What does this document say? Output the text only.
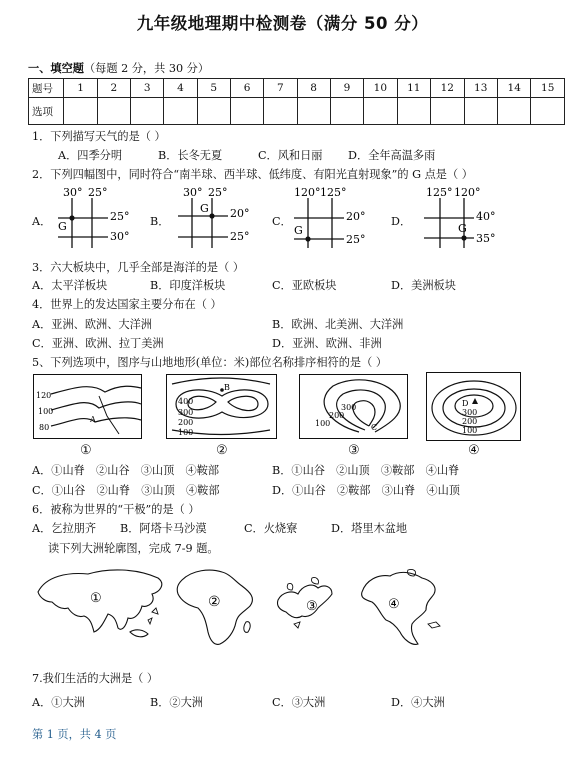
九年级地理期中检测卷（满分 50 分）
一、填空题（每题 2 分，共 30 分）
题号	1	2	3	4	5	6	7	8	9	10	11	12	13	14	15
选项															
1．下列描写天气的是（ ）
A．四季分明	B．长冬无夏	C．风和日丽 D．全年高温多雨
2．下列四幅图中，同时符合“南半球、西半球、低纬度、有阳光直射现象”的 G 点是（ ）
A．	B．	C．	D．
30° 25°
25°
30°
G
30° 25°
20°
25°
G
120° 125°
20°
25°
G
125° 120°
40°
35°
G
3．六大板块中，几乎全部是海洋的是（ ）
A．太平洋板块	B．印度洋板块	C．亚欧板块	D．美洲板块
4．世界上的发达国家主要分布在（ ）
A．亚洲、欧洲、大洋洲	B．欧洲、北美洲、大洋洲
C．亚洲、欧洲、拉丁美洲	D．亚洲、欧洲、非洲
5、下列选项中，图序与山地地形(单位：米)部位名称排序相符的是（ ）
120
100
80
A
B
400
300
200
100
300
200
100	C
D
300
200
100
①	②	③	④
A．①山脊　②山谷　③山顶　④鞍部	B．①山谷　②山顶　③鞍部　④山脊
C．①山谷　②山脊　③山顶　④鞍部	D．①山谷　②鞍部　③山脊　④山顶
6．被称为世界的“干极”的是（ ）
A．乞拉朋齐 B．阿塔卡马沙漠	C．火烧寮	D．塔里木盆地
读下列大洲轮廓图，完成 7-9 题。
①	②	③	④
7.我们生活的大洲是（ ）
A．①大洲	B．②大洲	C．③大洲	D．④大洲
第 1 页，共 4 页
